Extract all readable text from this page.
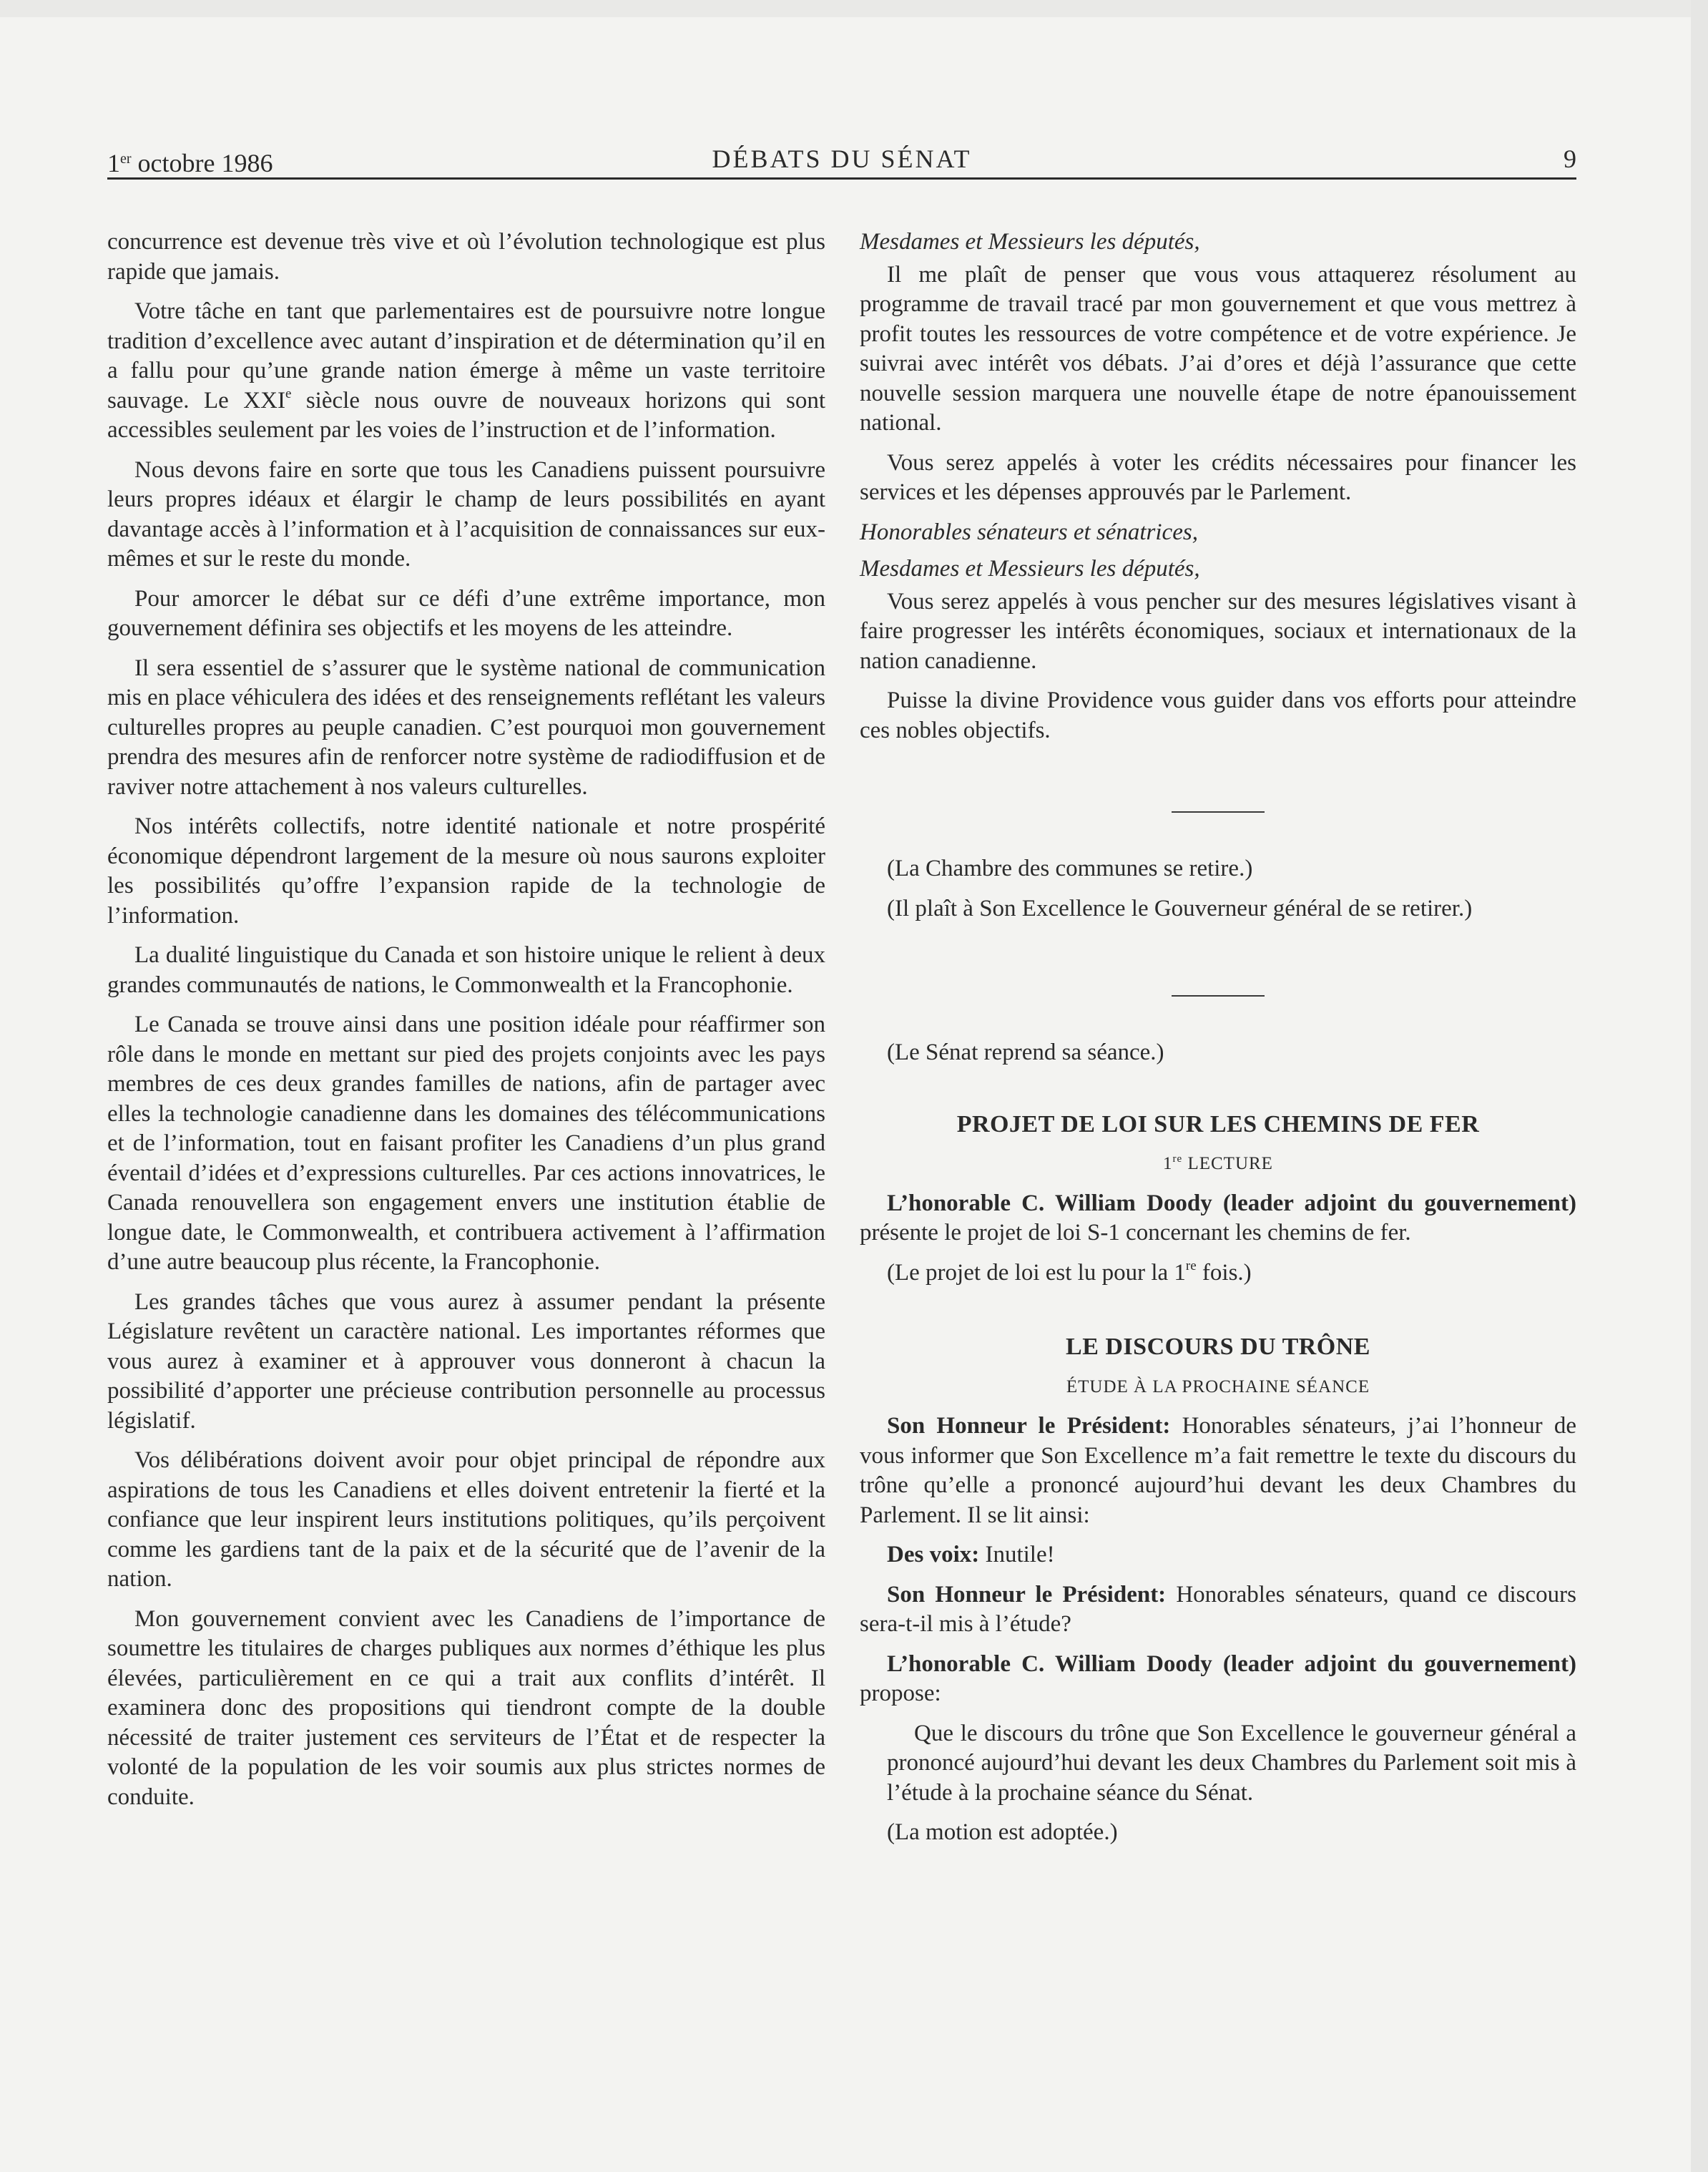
1er octobre 1986	DÉBATS DU SÉNAT	9

concurrence est devenue très vive et où l’évolution technologique est plus rapide que jamais.

Votre tâche en tant que parlementaires est de poursuivre notre longue tradition d’excellence avec autant d’inspiration et de détermination qu’il en a fallu pour qu’une grande nation émerge à même un vaste territoire sauvage. Le XXIe siècle nous ouvre de nouveaux horizons qui sont accessibles seulement par les voies de l’instruction et de l’information.

Nous devons faire en sorte que tous les Canadiens puissent poursuivre leurs propres idéaux et élargir le champ de leurs possibilités en ayant davantage accès à l’information et à l’acquisition de connaissances sur eux-mêmes et sur le reste du monde.

Pour amorcer le débat sur ce défi d’une extrême importance, mon gouvernement définira ses objectifs et les moyens de les atteindre.

Il sera essentiel de s’assurer que le système national de communication mis en place véhiculera des idées et des renseignements reflétant les valeurs culturelles propres au peuple canadien. C’est pourquoi mon gouvernement prendra des mesures afin de renforcer notre système de radiodiffusion et de raviver notre attachement à nos valeurs culturelles.

Nos intérêts collectifs, notre identité nationale et notre prospérité économique dépendront largement de la mesure où nous saurons exploiter les possibilités qu’offre l’expansion rapide de la technologie de l’information.

La dualité linguistique du Canada et son histoire unique le relient à deux grandes communautés de nations, le Commonwealth et la Francophonie.

Le Canada se trouve ainsi dans une position idéale pour réaffirmer son rôle dans le monde en mettant sur pied des projets conjoints avec les pays membres de ces deux grandes familles de nations, afin de partager avec elles la technologie canadienne dans les domaines des télécommunications et de l’information, tout en faisant profiter les Canadiens d’un plus grand éventail d’idées et d’expressions culturelles. Par ces actions innovatrices, le Canada renouvellera son engagement envers une institution établie de longue date, le Commonwealth, et contribuera activement à l’affirmation d’une autre beaucoup plus récente, la Francophonie.

Les grandes tâches que vous aurez à assumer pendant la présente Législature revêtent un caractère national. Les importantes réformes que vous aurez à examiner et à approuver vous donneront à chacun la possibilité d’apporter une précieuse contribution personnelle au processus législatif.

Vos délibérations doivent avoir pour objet principal de répondre aux aspirations de tous les Canadiens et elles doivent entretenir la fierté et la confiance que leur inspirent leurs institutions politiques, qu’ils perçoivent comme les gardiens tant de la paix et de la sécurité que de l’avenir de la nation.

Mon gouvernement convient avec les Canadiens de l’importance de soumettre les titulaires de charges publiques aux normes d’éthique les plus élevées, particulièrement en ce qui a trait aux conflits d’intérêt. Il examinera donc des propositions qui tiendront compte de la double nécessité de traiter justement ces serviteurs de l’État et de respecter la volonté de la population de les voir soumis aux plus strictes normes de conduite.

Mesdames et Messieurs les députés,

Il me plaît de penser que vous vous attaquerez résolument au programme de travail tracé par mon gouvernement et que vous mettrez à profit toutes les ressources de votre compétence et de votre expérience. Je suivrai avec intérêt vos débats. J’ai d’ores et déjà l’assurance que cette nouvelle session marquera une nouvelle étape de notre épanouissement national.

Vous serez appelés à voter les crédits nécessaires pour financer les services et les dépenses approuvés par le Parlement.

Honorables sénateurs et sénatrices,

Mesdames et Messieurs les députés,

Vous serez appelés à vous pencher sur des mesures législatives visant à faire progresser les intérêts économiques, sociaux et internationaux de la nation canadienne.

Puisse la divine Providence vous guider dans vos efforts pour atteindre ces nobles objectifs.

(La Chambre des communes se retire.)

(Il plaît à Son Excellence le Gouverneur général de se retirer.)

(Le Sénat reprend sa séance.)

PROJET DE LOI SUR LES CHEMINS DE FER
1re LECTURE

L’honorable C. William Doody (leader adjoint du gouvernement) présente le projet de loi S-1 concernant les chemins de fer.

(Le projet de loi est lu pour la 1re fois.)

LE DISCOURS DU TRÔNE
ÉTUDE À LA PROCHAINE SÉANCE

Son Honneur le Président: Honorables sénateurs, j’ai l’honneur de vous informer que Son Excellence m’a fait remettre le texte du discours du trône qu’elle a prononcé aujourd’hui devant les deux Chambres du Parlement. Il se lit ainsi:

Des voix: Inutile!

Son Honneur le Président: Honorables sénateurs, quand ce discours sera-t-il mis à l’étude?

L’honorable C. William Doody (leader adjoint du gouvernement) propose:

Que le discours du trône que Son Excellence le gouverneur général a prononcé aujourd’hui devant les deux Chambres du Parlement soit mis à l’étude à la prochaine séance du Sénat.

(La motion est adoptée.)
